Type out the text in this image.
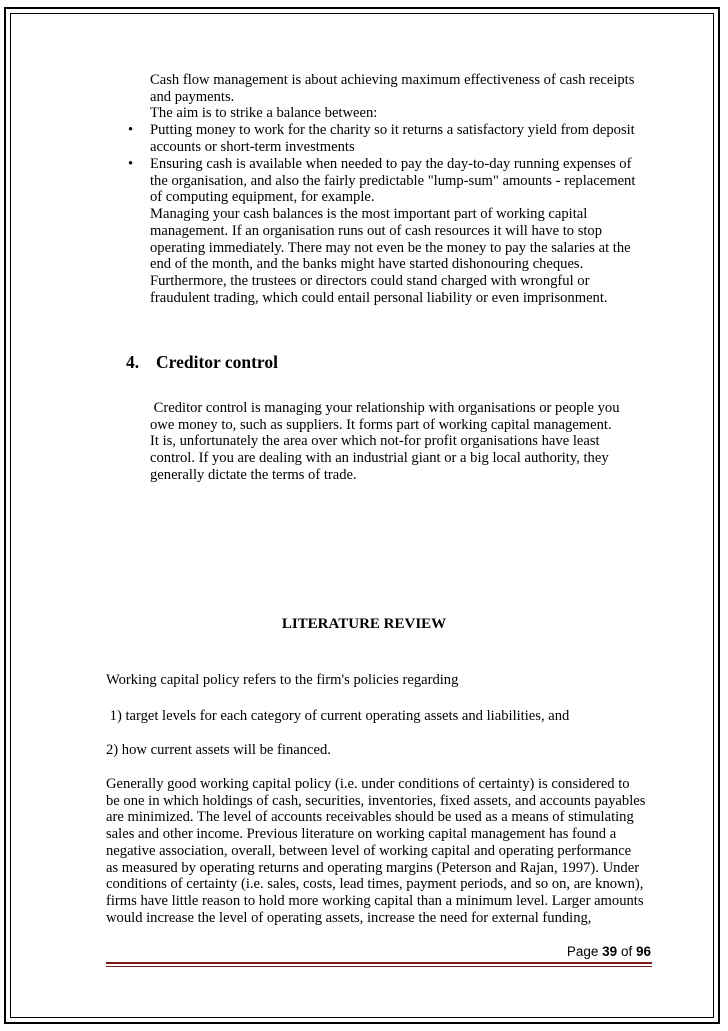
Cash flow management is about achieving maximum effectiveness of cash receipts
and payments.
The aim is to strike a balance between:
• Putting money to work for the charity so it returns a satisfactory yield from deposit
accounts or short-term investments
• Ensuring cash is available when needed to pay the day-to-day running expenses of
the organisation, and also the fairly predictable "lump-sum" amounts - replacement
of computing equipment, for example.
Managing your cash balances is the most important part of working capital
management. If an organisation runs out of cash resources it will have to stop
operating immediately. There may not even be the money to pay the salaries at the
end of the month, and the banks might have started dishonouring cheques.
Furthermore, the trustees or directors could stand charged with wrongful or
fraudulent trading, which could entail personal liability or even imprisonment.
4. Creditor control
Creditor control is managing your relationship with organisations or people you
owe money to, such as suppliers. It forms part of working capital management.
It is, unfortunately the area over which not-for profit organisations have least
control. If you are dealing with an industrial giant or a big local authority, they
generally dictate the terms of trade.
LITERATURE REVIEW
Working capital policy refers to the firm's policies regarding
1) target levels for each category of current operating assets and liabilities, and
2) how current assets will be financed.
Generally good working capital policy (i.e. under conditions of certainty) is considered to
be one in which holdings of cash, securities, inventories, fixed assets, and accounts payables
are minimized. The level of accounts receivables should be used as a means of stimulating
sales and other income. Previous literature on working capital management has found a
negative association, overall, between level of working capital and operating performance
as measured by operating returns and operating margins (Peterson and Rajan, 1997). Under
conditions of certainty (i.e. sales, costs, lead times, payment periods, and so on, are known),
firms have little reason to hold more working capital than a minimum level. Larger amounts
would increase the level of operating assets, increase the need for external funding,
Page 39 of 96
